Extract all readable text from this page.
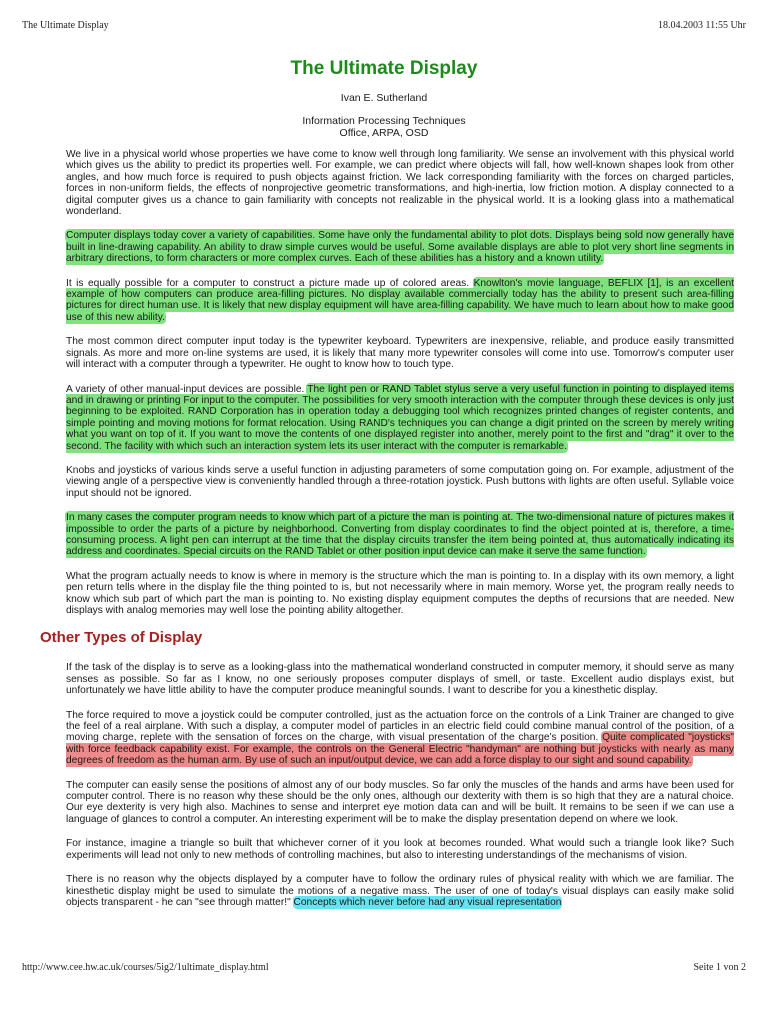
The Ultimate Display	18.04.2003 11:55 Uhr
The Ultimate Display
Ivan E. Sutherland
Information Processing Techniques
Office, ARPA, OSD

We live in a physical world whose properties we have come to know well through long familiarity. We sense an involvement with this physical world which gives us the ability to predict its properties well. For example, we can predict where objects will fall, how well-known shapes look from other angles, and how much force is required to push objects against friction. We lack corresponding familiarity with the forces on charged particles, forces in non-uniform fields, the effects of nonprojective geometric transformations, and high-inertia, low friction motion. A display connected to a digital computer gives us a chance to gain familiarity with concepts not realizable in the physical world. It is a looking glass into a mathematical wonderland.

Computer displays today cover a variety of capabilities. Some have only the fundamental ability to plot dots. Displays being sold now generally have built in line-drawing capability. An ability to draw simple curves would be useful. Some available displays are able to plot very short line segments in arbitrary directions, to form characters or more complex curves. Each of these abilities has a history and a known utility.

It is equally possible for a computer to construct a picture made up of colored areas. Knowlton's movie language, BEFLIX [1], is an excellent example of how computers can produce area-filling pictures. No display available commercially today has the ability to present such area-filling pictures for direct human use. It is likely that new display equipment will have area-filling capability. We have much to learn about how to make good use of this new ability.

The most common direct computer input today is the typewriter keyboard. Typewriters are inexpensive, reliable, and produce easily transmitted signals. As more and more on-line systems are used, it is likely that many more typewriter consoles will come into use. Tomorrow's computer user will interact with a computer through a typewriter. He ought to know how to touch type.

A variety of other manual-input devices are possible. The light pen or RAND Tablet stylus serve a very useful function in pointing to displayed items and in drawing or printing For input to the computer. The possibilities for very smooth interaction with the computer through these devices is only just beginning to be exploited. RAND Corporation has in operation today a debugging tool which recognizes printed changes of register contents, and simple pointing and moving motions for format relocation. Using RAND's techniques you can change a digit printed on the screen by merely writing what you want on top of it. If you want to move the contents of one displayed register into another, merely point to the first and "drag" it over to the second. The facility with which such an interaction system lets its user interact with the computer is remarkable.

Knobs and joysticks of various kinds serve a useful function in adjusting parameters of some computation going on. For example, adjustment of the viewing angle of a perspective view is conveniently handled through a three-rotation joystick. Push buttons with lights are often useful. Syllable voice input should not be ignored.

In many cases the computer program needs to know which part of a picture the man is pointing at. The two-dimensional nature of pictures makes it impossible to order the parts of a picture by neighborhood. Converting from display coordinates to find the object pointed at is, therefore, a time-consuming process. A light pen can interrupt at the time that the display circuits transfer the item being pointed at, thus automatically indicating its address and coordinates. Special circuits on the RAND Tablet or other position input device can make it serve the same function.

What the program actually needs to know is where in memory is the structure which the man is pointing to. In a display with its own memory, a light pen return tells where in the display file the thing pointed to is, but not necessarily where in main memory. Worse yet, the program really needs to know which sub part of which part the man is pointing to. No existing display equipment computes the depths of recursions that are needed. New displays with analog memories may well lose the pointing ability altogether.

Other Types of Display

If the task of the display is to serve as a looking-glass into the mathematical wonderland constructed in computer memory, it should serve as many senses as possible. So far as I know, no one seriously proposes computer displays of smell, or taste. Excellent audio displays exist, but unfortunately we have little ability to have the computer produce meaningful sounds. I want to describe for you a kinesthetic display.

The force required to move a joystick could be computer controlled, just as the actuation force on the controls of a Link Trainer are changed to give the feel of a real airplane. With such a display, a computer model of particles in an electric field could combine manual control of the position, of a moving charge, replete with the sensation of forces on the charge, with visual presentation of the charge's position. Quite complicated "joysticks" with force feedback capability exist. For example, the controls on the General Electric "handyman" are nothing but joysticks with nearly as many degrees of freedom as the human arm. By use of such an input/output device, we can add a force display to our sight and sound capability.

The computer can easily sense the positions of almost any of our body muscles. So far only the muscles of the hands and arms have been used for computer control. There is no reason why these should be the only ones, although our dexterity with them is so high that they are a natural choice. Our eye dexterity is very high also. Machines to sense and interpret eye motion data can and will be built. It remains to be seen if we can use a language of glances to control a computer. An interesting experiment will be to make the display presentation depend on where we look.

For instance, imagine a triangle so built that whichever corner of it you look at becomes rounded. What would such a triangle look like? Such experiments will lead not only to new methods of controlling machines, but also to interesting understandings of the mechanisms of vision.

There is no reason why the objects displayed by a computer have to follow the ordinary rules of physical reality with which we are familiar. The kinesthetic display might be used to simulate the motions of a negative mass. The user of one of today's visual displays can easily make solid objects transparent - he can "see through matter!" Concepts which never before had any visual representation

http://www.cee.hw.ac.uk/courses/5ig2/1ultimate_display.html	Seite 1 von 2
